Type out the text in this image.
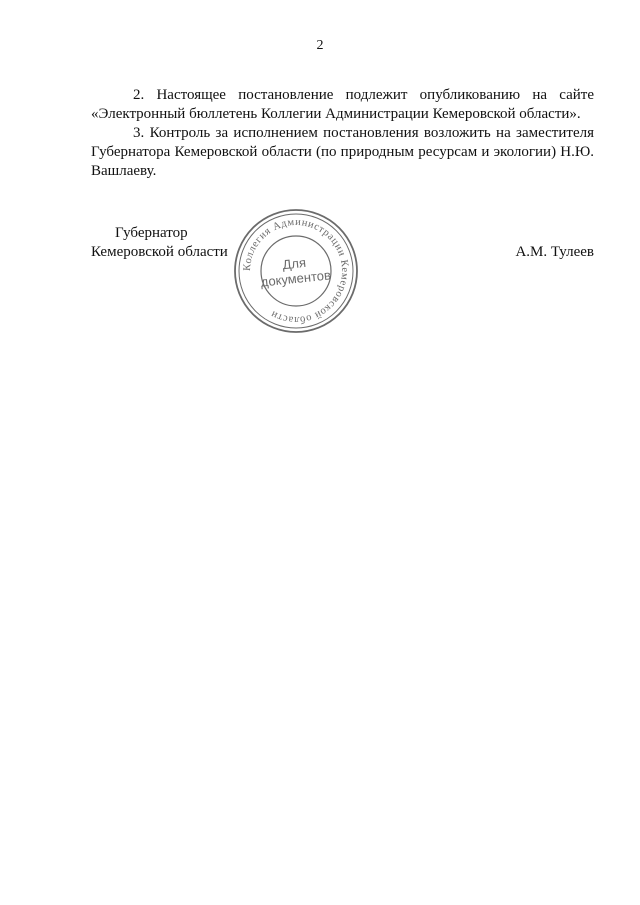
2

2. Настоящее постановление подлежит опубликованию на сайте «Электронный бюллетень Коллегии Администрации Кемеровской области».

3. Контроль за исполнением постановления возложить на заместителя Губернатора Кемеровской области (по природным ресурсам и экологии) Н.Ю. Вашлаеву.

Губернатор
Кемеровской области	А.М. Тулеев
Коллегия Администрации Кемеровской области
Для
документов
